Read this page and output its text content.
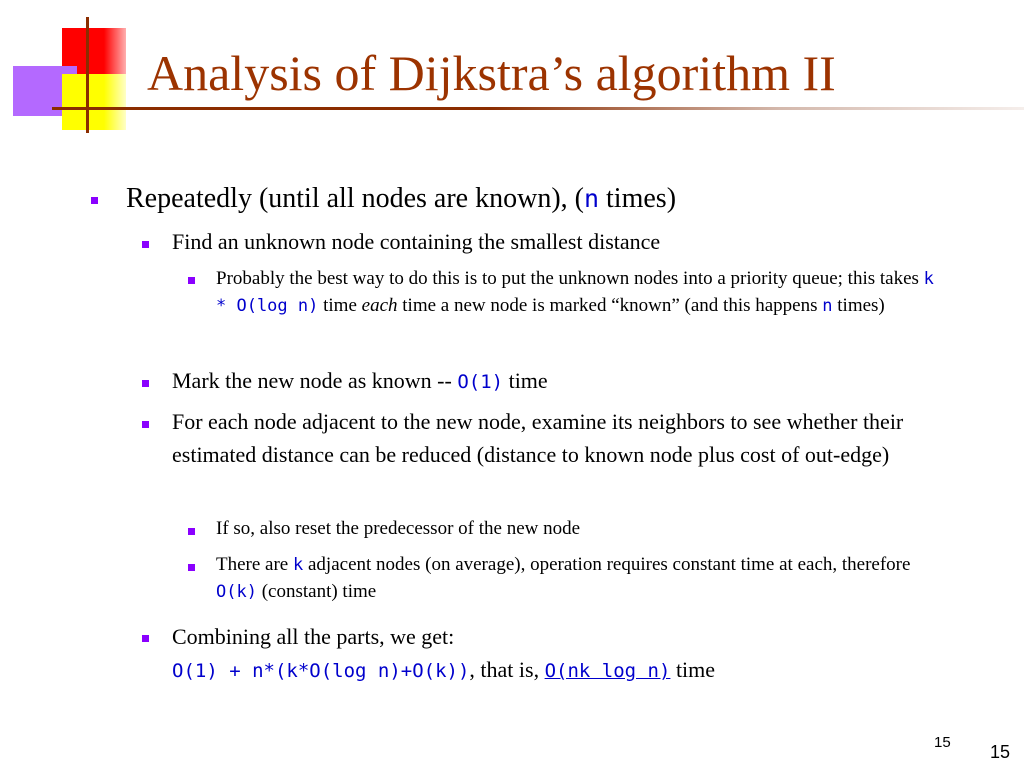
Analysis of Dijkstra’s algorithm II
Repeatedly (until all nodes are known), (n times)
Find an unknown node containing the smallest distance
Probably the best way to do this is to put the unknown nodes into a priority queue; this takes k * O(log n) time each time a new node is marked “known” (and this happens n times)
Mark the new node as known -- O(1) time
For each node adjacent to the new node, examine its neighbors to see whether their estimated distance can be reduced (distance to known node plus cost of out-edge)
If so, also reset the predecessor of the new node
There are k adjacent nodes (on average), operation requires constant time at each, therefore O(k) (constant) time
Combining all the parts, we get:
O(1) + n*(k*O(log n)+O(k)), that is, O(nk log n) time
15 15
